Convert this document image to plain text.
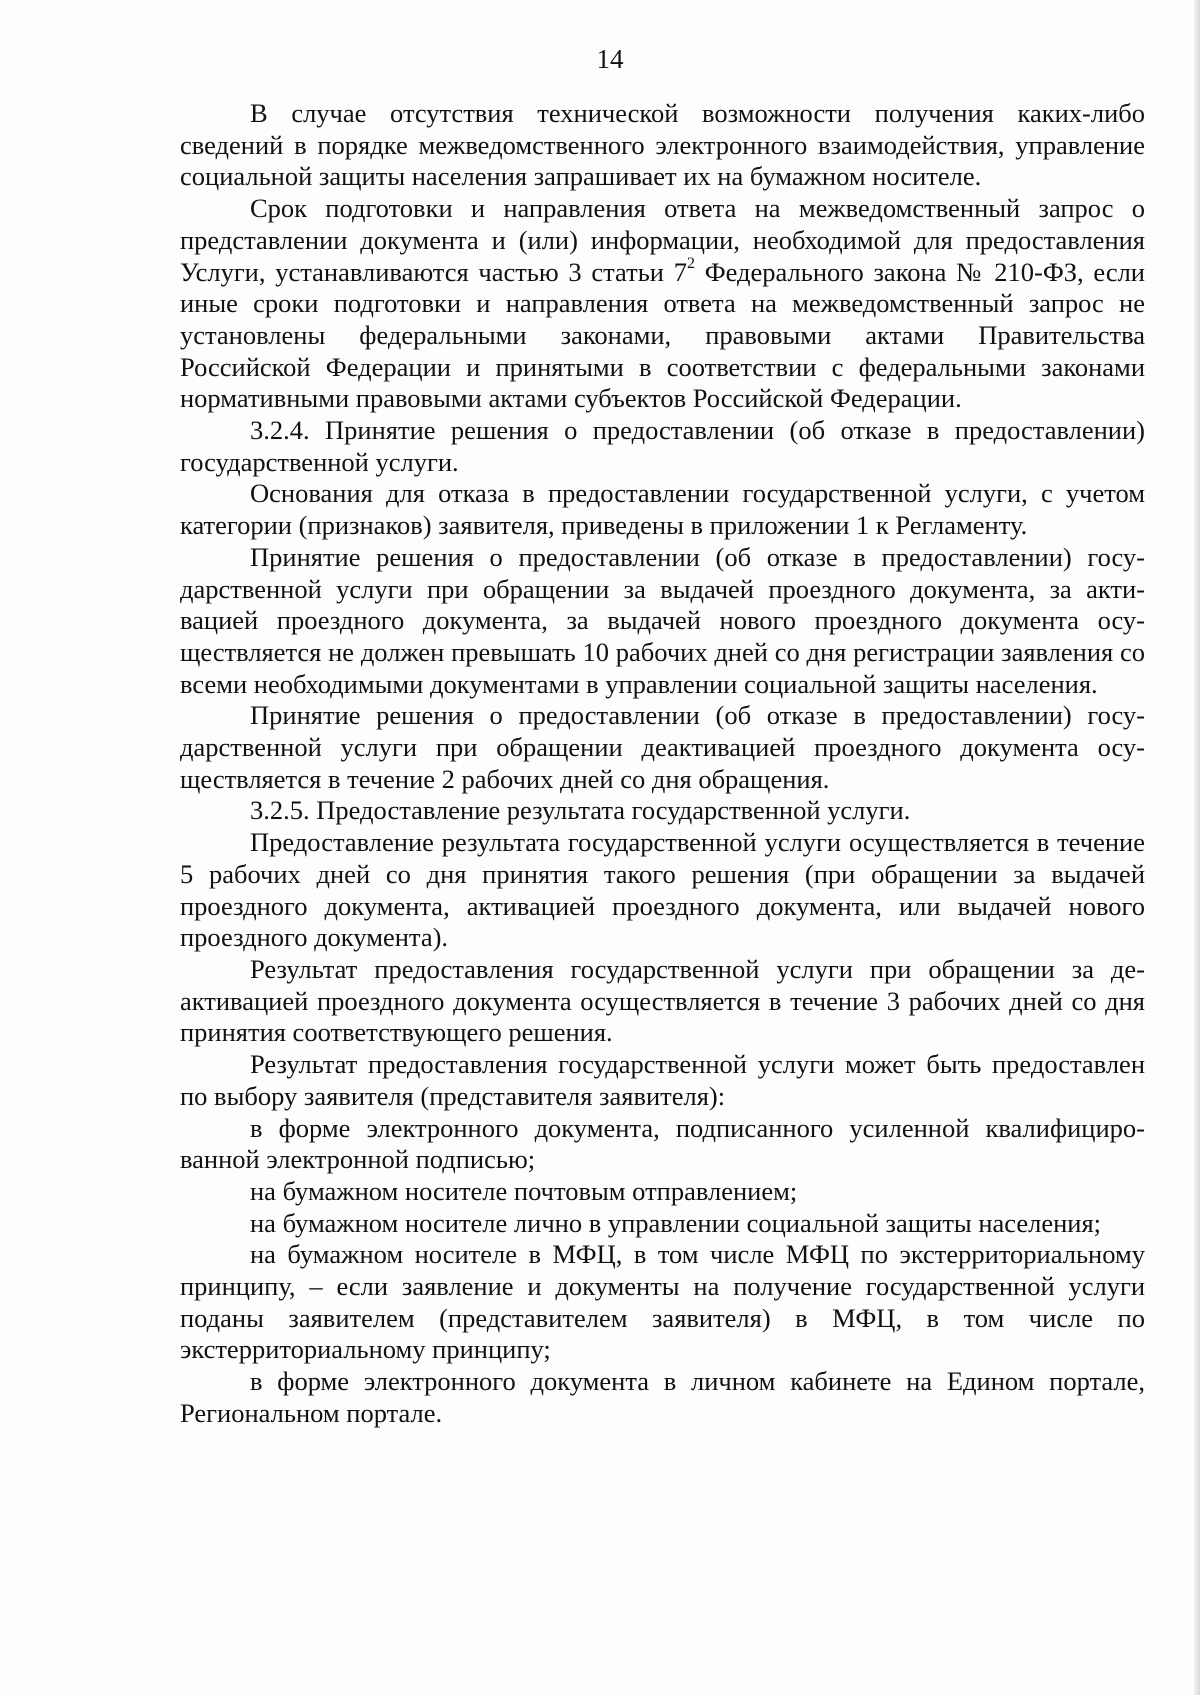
14

В случае отсутствия технической возможности получения каких-либо сведений в порядке межведомственного электронного взаимодействия, управление социальной защиты населения запрашивает их на бумажном носителе.

Срок подготовки и направления ответа на межведомственный запрос о представлении документа и (или) информации, необходимой для предоставления Услуги, устанавливаются частью 3 статьи $7^2$ Федерального закона № 210-ФЗ, если иные сроки подготовки и направления ответа на межведомственный запрос не установлены федеральными законами, правовыми актами Правительства Российской Федерации и принятыми в соответствии с федеральными законами нормативными правовыми актами субъектов Российской Федерации.

3.2.4. Принятие решения о предоставлении (об отказе в предоставлении) государственной услуги.

Основания для отказа в предоставлении государственной услуги, с учетом категории (признаков) заявителя, приведены в приложении 1 к Регламенту.

Принятие решения о предоставлении (об отказе в предоставлении) государственной услуги при обращении за выдачей проездного документа, за активацией проездного документа, за выдачей нового проездного документа осуществляется не должен превышать 10 рабочих дней со дня регистрации заявления со всеми необходимыми документами в управлении социальной защиты населения.

Принятие решения о предоставлении (об отказе в предоставлении) государственной услуги при обращении деактивацией проездного документа осуществляется в течение 2 рабочих дней со дня обращения.

3.2.5. Предоставление результата государственной услуги.

Предоставление результата государственной услуги осуществляется в течение 5 рабочих дней со дня принятия такого решения (при обращении за выдачей проездного документа, активацией проездного документа, или выдачей нового проездного документа).

Результат предоставления государственной услуги при обращении за деактивацией проездного документа осуществляется в течение 3 рабочих дней со дня принятия соответствующего решения.

Результат предоставления государственной услуги может быть предоставлен по выбору заявителя (представителя заявителя):

в форме электронного документа, подписанного усиленной квалифицированной электронной подписью;

на бумажном носителе почтовым отправлением;

на бумажном носителе лично в управлении социальной защиты населения;

на бумажном носителе в МФЦ, в том числе МФЦ по экстерриториальному принципу, – если заявление и документы на получение государственной услуги поданы заявителем (представителем заявителя) в МФЦ, в том числе по экстерриториальному принципу;

в форме электронного документа в личном кабинете на Едином портале, Региональном портале.
